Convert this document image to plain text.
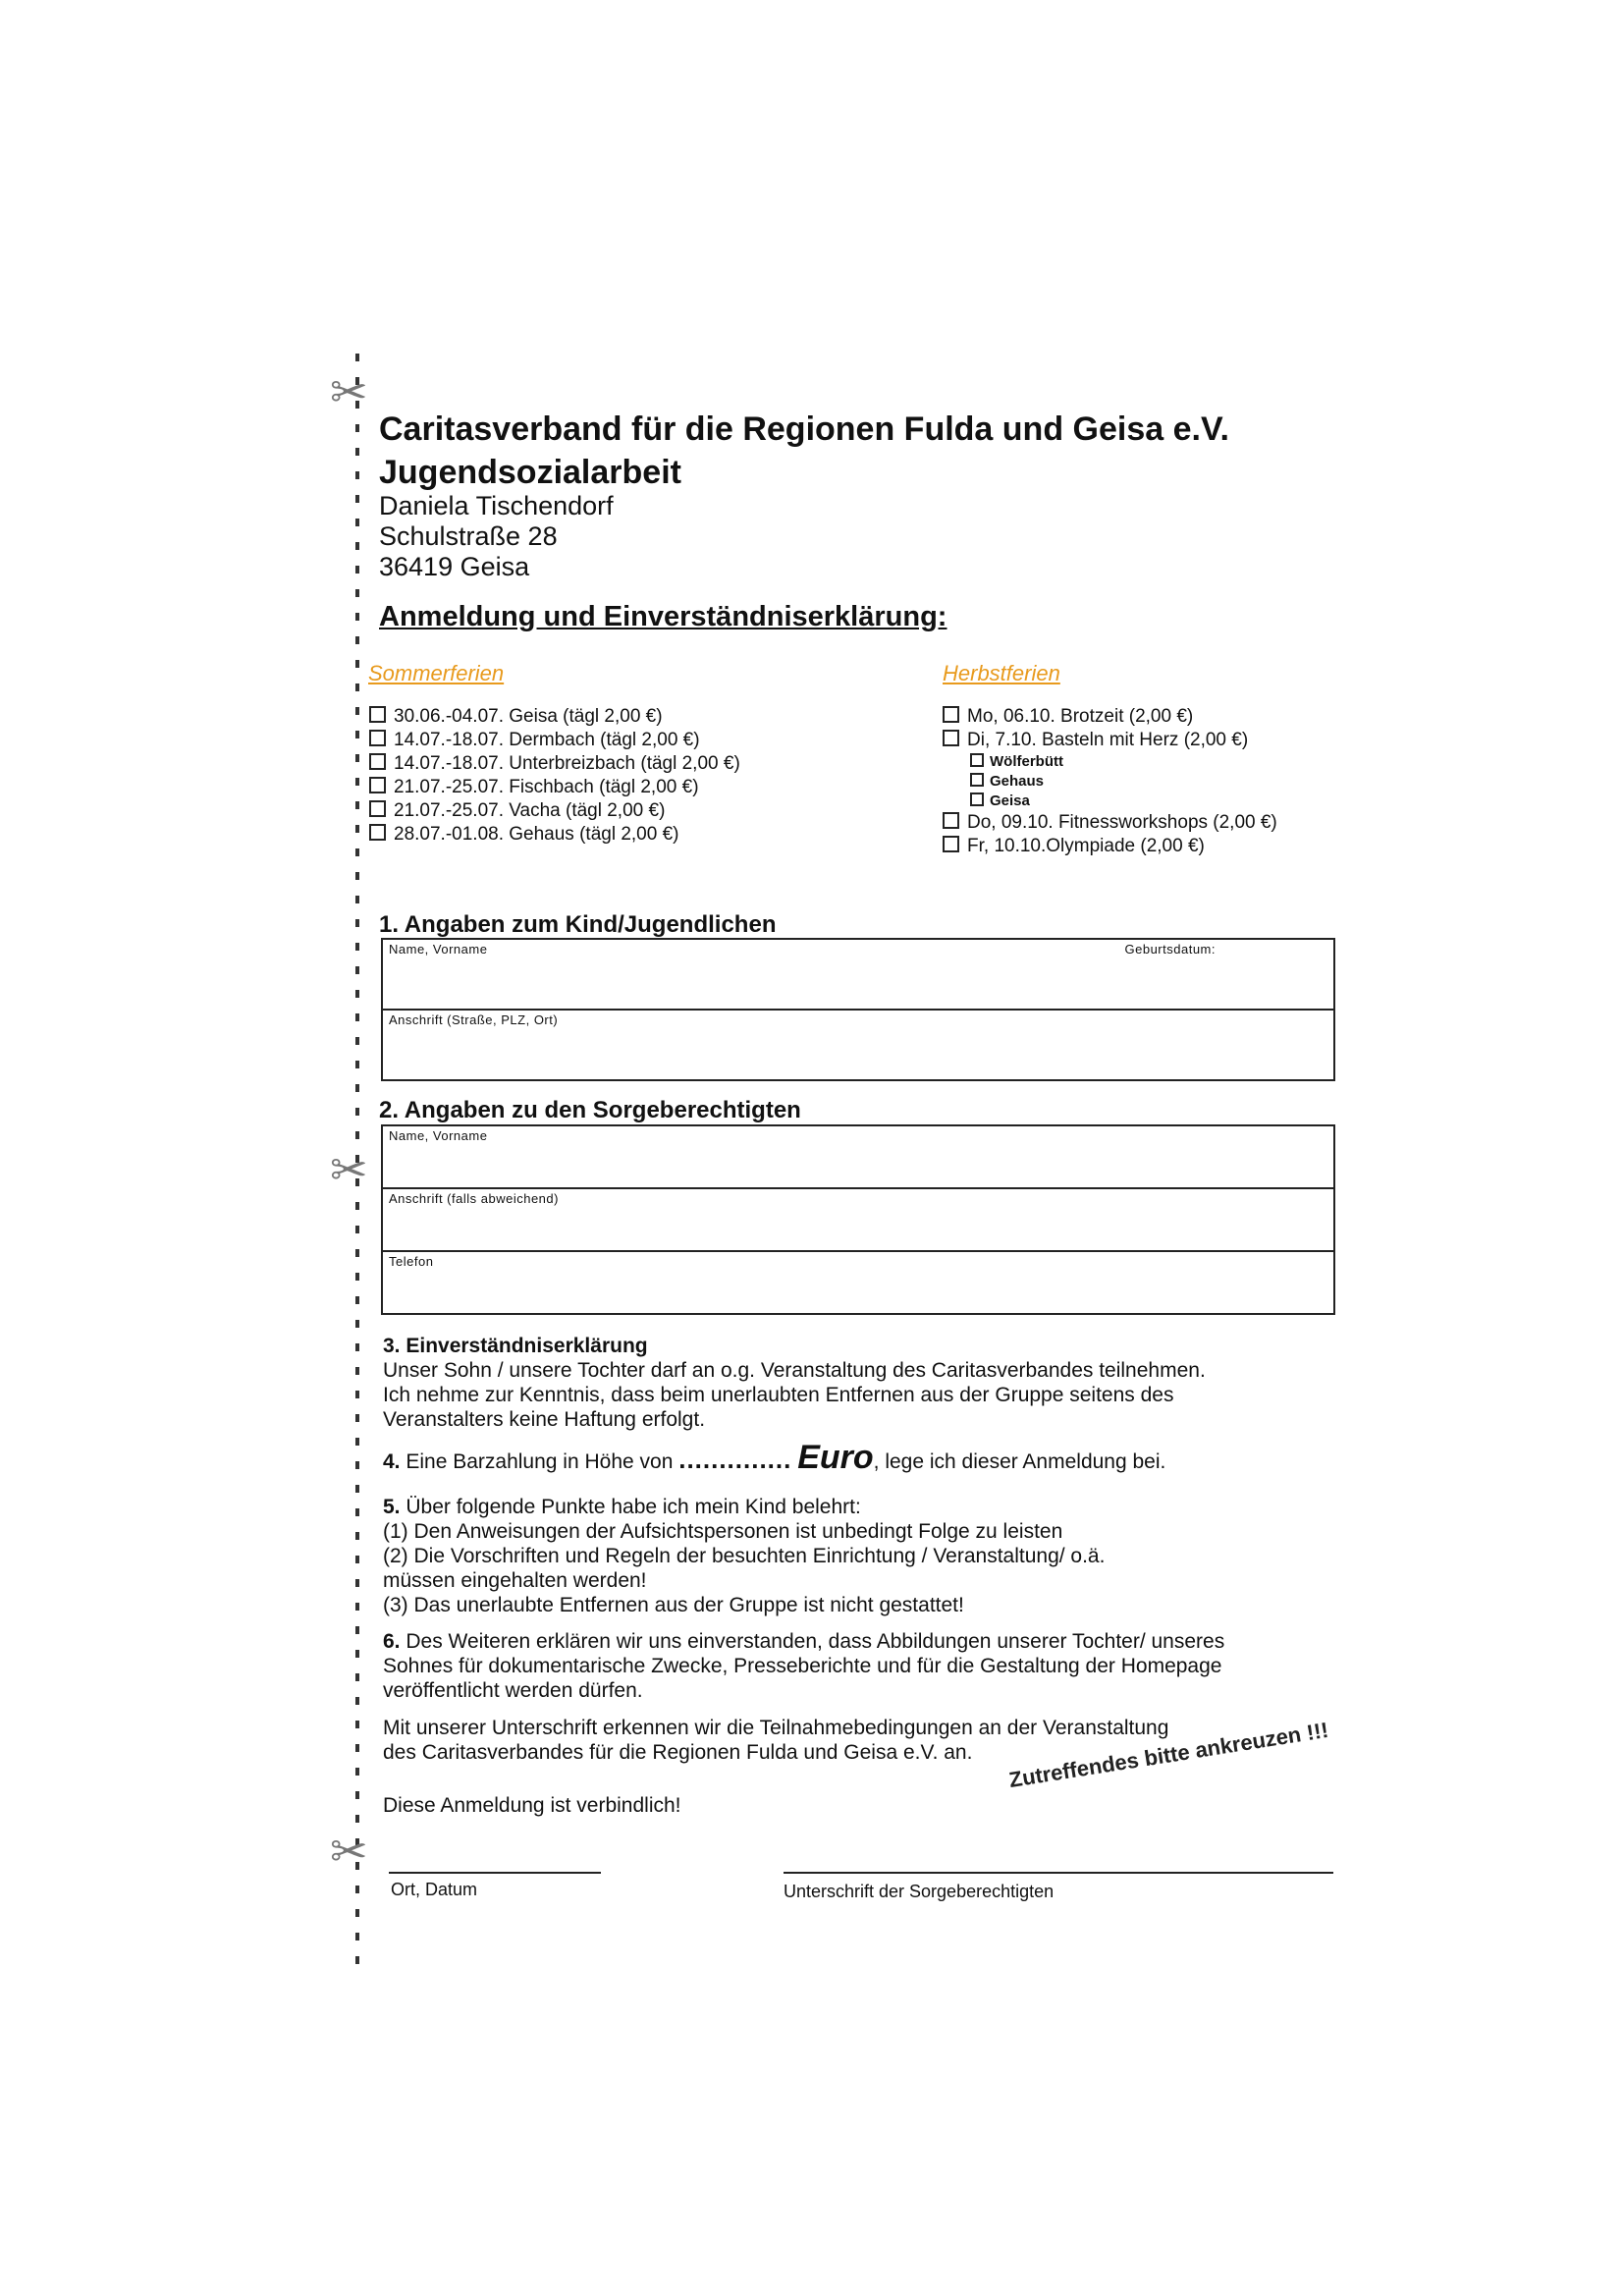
✂
✂
✂
Caritasverband für die Regionen Fulda und Geisa e.V.
Jugendsozialarbeit
Daniela Tischendorf
Schulstraße 28
36419 Geisa
Anmeldung und Einverständniserklärung:
Sommerferien
30.06.-04.07. Geisa (tägl 2,00 €)
14.07.-18.07. Dermbach (tägl 2,00 €)
14.07.-18.07. Unterbreizbach (tägl 2,00 €)
21.07.-25.07. Fischbach (tägl 2,00 €)
21.07.-25.07. Vacha (tägl 2,00 €)
28.07.-01.08. Gehaus (tägl 2,00 €)
Herbstferien
Mo, 06.10. Brotzeit (2,00 €)
Di, 7.10. Basteln mit Herz (2,00 €)
Wölferbütt
Gehaus
Geisa
Do, 09.10. Fitnessworkshops (2,00 €)
Fr, 10.10.Olympiade (2,00 €)
1. Angaben zum Kind/Jugendlichen
Name, Vorname	Geburtsdatum:
Anschrift (Straße, PLZ, Ort)
2. Angaben zu den Sorgeberechtigten
Name, Vorname
Anschrift (falls abweichend)
Telefon
3. Einverständniserklärung
Unser Sohn / unsere Tochter darf an o.g. Veranstaltung des Caritasverbandes teilnehmen.
Ich nehme zur Kenntnis, dass beim unerlaubten Entfernen aus der Gruppe seitens des
Veranstalters keine Haftung erfolgt.
4. Eine Barzahlung in Höhe von .............. Euro, lege ich dieser Anmeldung bei.
5. Über folgende Punkte habe ich mein Kind belehrt:
(1) Den Anweisungen der Aufsichtspersonen ist unbedingt Folge zu leisten
(2) Die Vorschriften und Regeln der besuchten Einrichtung / Veranstaltung/ o.ä.
müssen eingehalten werden!
(3) Das unerlaubte Entfernen aus der Gruppe ist nicht gestattet!
6. Des Weiteren erklären wir uns einverstanden, dass Abbildungen unserer Tochter/ unseres
Sohnes für dokumentarische Zwecke, Presseberichte und für die Gestaltung der Homepage
veröffentlicht werden dürfen.
Mit unserer Unterschrift erkennen wir die Teilnahmebedingungen an der Veranstaltung
des Caritasverbandes für die Regionen Fulda und Geisa e.V. an.
Diese Anmeldung ist verbindlich!
Zutreffendes bitte ankreuzen !!!
Ort, Datum	Unterschrift der Sorgeberechtigten
